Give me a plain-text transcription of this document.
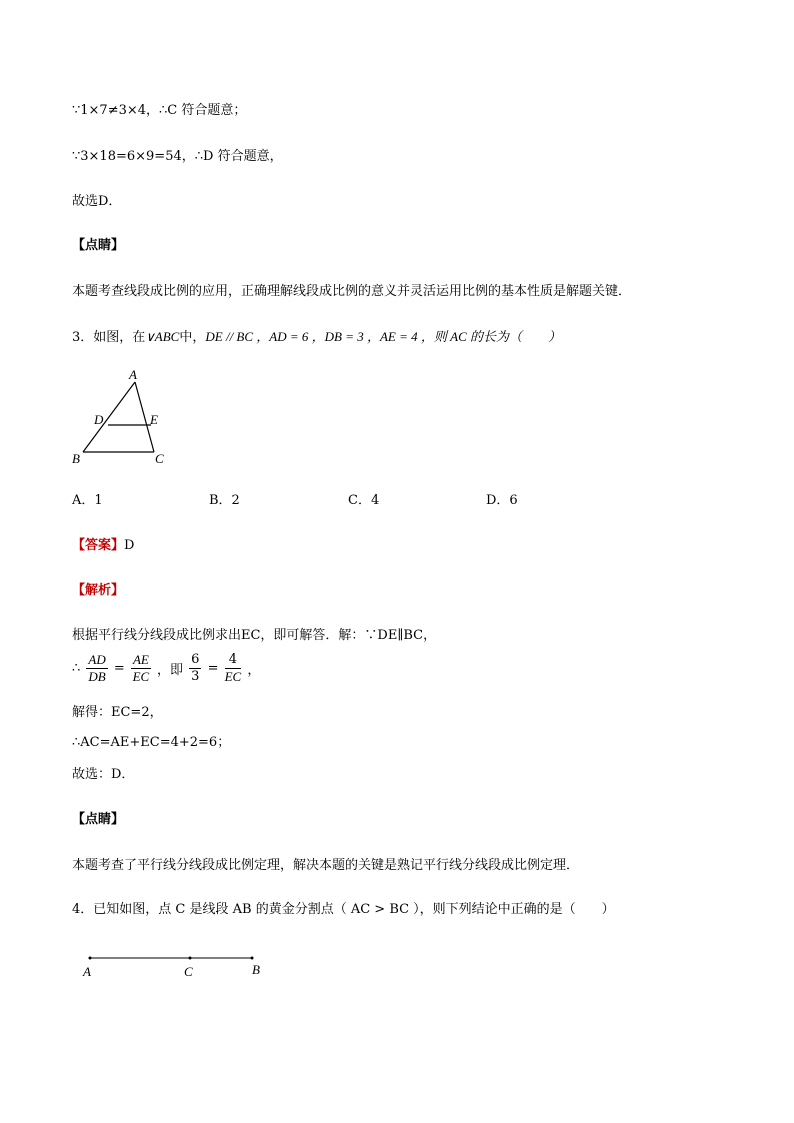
∵1×7≠3×4，∴C 符合题意；
∵3×18=6×9=54，∴D 符合题意，
故选D．
【点睛】
本题考查线段成比例的应用，正确理解线段成比例的意义并灵活运用比例的基本性质是解题关键．
3．如图，在∨ABC中，DE // BC ，AD = 6 ，DB = 3 ，AE = 4 ，则 AC 的长为（　　）
A
D	E
B	C
A．1	B．2	C．4	D．6
【答案】D
【解析】
根据平行线分线段成比例求出EC，即可解答．解：∵DE∥BC，
∴ $\frac{AD}{DB} = \frac{AE}{EC}$ ，即 $\frac{6}{3} = \frac{4}{EC}$ ，
解得：EC=2，
∴AC=AE+EC=4+2=6；
故选：D．
【点睛】
本题考查了平行线分线段成比例定理，解决本题的关键是熟记平行线分线段成比例定理．
4．已知如图，点 C 是线段 AB 的黄金分割点（ AC > BC ），则下列结论中正确的是（　　）
A	C	B
